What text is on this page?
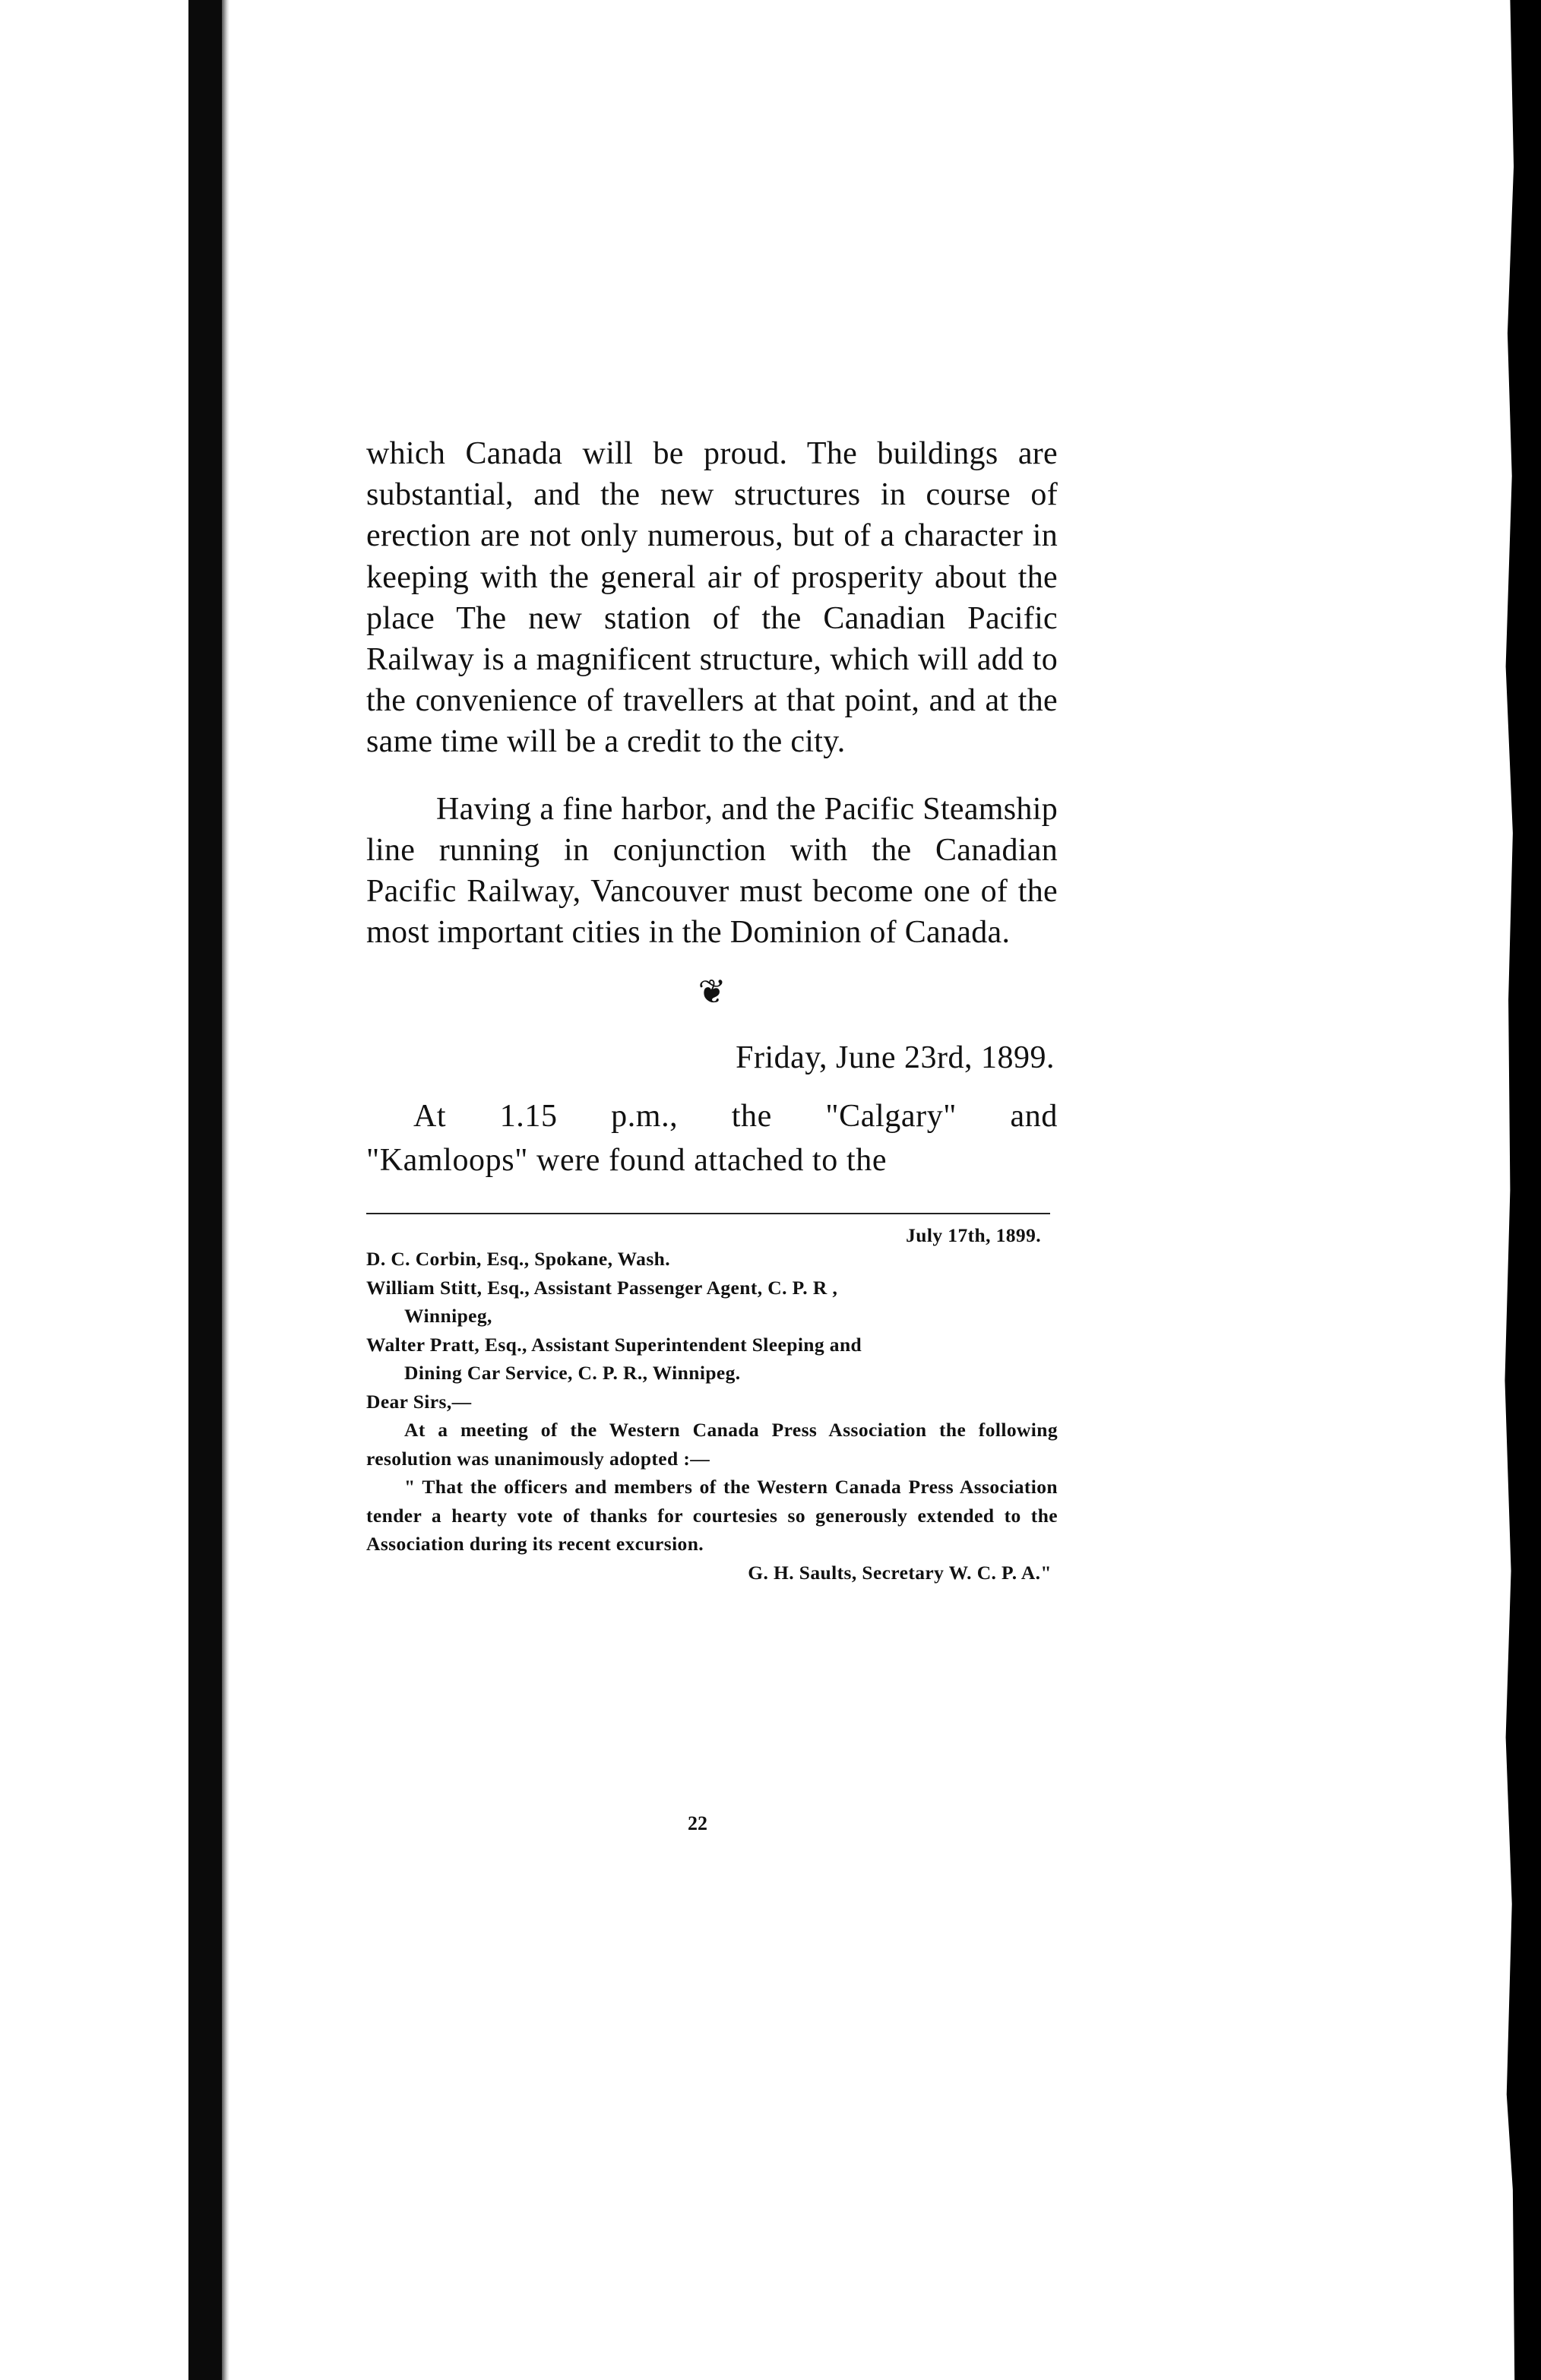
which Canada will be proud. The buildings are substantial, and the new structures in course of erection are not only numerous, but of a character in keeping with the general air of prosperity about the place The new station of the Canadian Pacific Railway is a magnificent structure, which will add to the convenience of travellers at that point, and at the same time will be a credit to the city.

Having a fine harbor, and the Pacific Steamship line running in conjunction with the Canadian Pacific Railway, Vancouver must become one of the most important cities in the Dominion of Canada.

❦
Friday, June 23rd, 1899.
At 1.15 p.m., the "Calgary" and
"Kamloops" were found attached to the
July 17th, 1899.

D. C. Corbin, Esq., Spokane, Wash.

William Stitt, Esq., Assistant Passenger Agent, C. P. R ,

Winnipeg,

Walter Pratt, Esq., Assistant Superintendent Sleeping and

Dining Car Service, C. P. R., Winnipeg.

Dear Sirs,—

At a meeting of the Western Canada Press Association the following resolution was unanimously adopted :—

" That the officers and members of the Western Canada Press Association tender a hearty vote of thanks for courtesies so generously extended to the Association during its recent excursion.

G. H. Saults, Secretary W. C. P. A."

22
